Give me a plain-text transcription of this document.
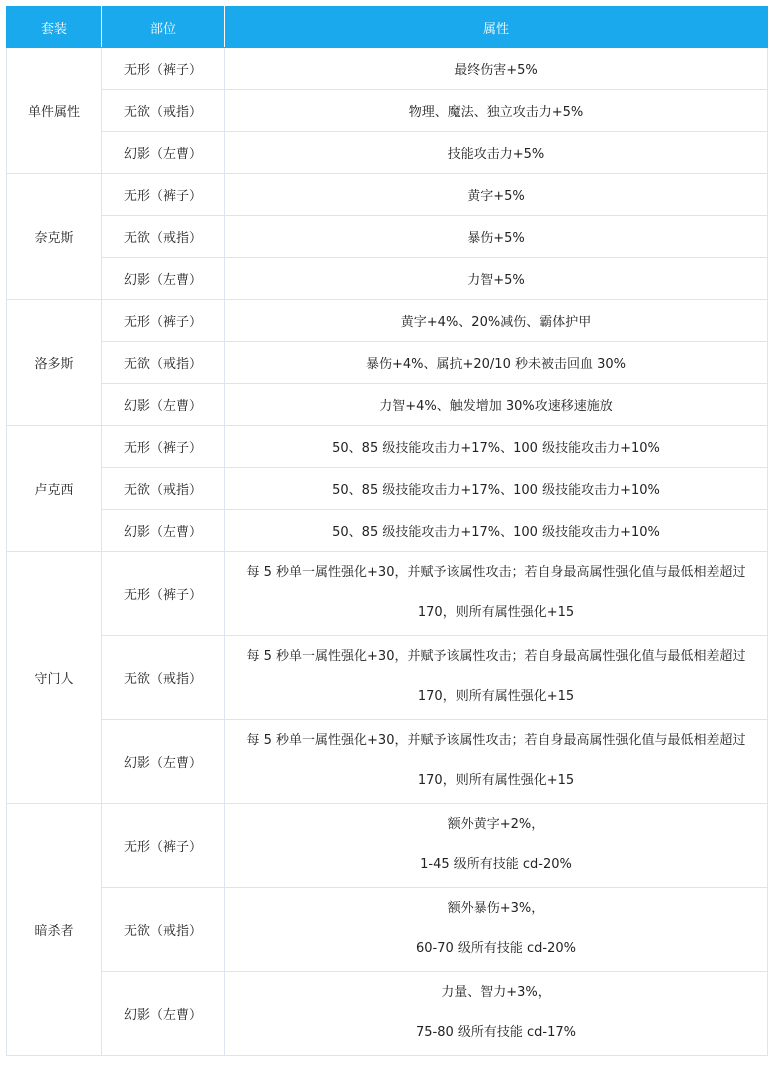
套装	部位	属性
单件属性	无形（裤子）	最终伤害+5%
	无欲（戒指）	物理、魔法、独立攻击力+5%
	幻影（左曹）	技能攻击力+5%
奈克斯	无形（裤子）	黄字+5%
	无欲（戒指）	暴伤+5%
	幻影（左曹）	力智+5%
洛多斯	无形（裤子）	黄字+4%、20%减伤、霸体护甲
	无欲（戒指）	暴伤+4%、属抗+20/10 秒未被击回血 30%
	幻影（左曹）	力智+4%、触发增加 30%攻速移速施放
卢克西	无形（裤子）	50、85 级技能攻击力+17%、100 级技能攻击力+10%
	无欲（戒指）	50、85 级技能攻击力+17%、100 级技能攻击力+10%
	幻影（左曹）	50、85 级技能攻击力+17%、100 级技能攻击力+10%
守门人	无形（裤子）	每 5 秒单一属性强化+30，并赋予该属性攻击；若自身最高属性强化值与最低相差超过
170，则所有属性强化+15

	无欲（戒指）	每 5 秒单一属性强化+30，并赋予该属性攻击；若自身最高属性强化值与最低相差超过
170，则所有属性强化+15

	幻影（左曹）	每 5 秒单一属性强化+30，并赋予该属性攻击；若自身最高属性强化值与最低相差超过
170，则所有属性强化+15

暗杀者	无形（裤子）	额外黄字+2%，
1-45 级所有技能 cd-20%

	无欲（戒指）	额外暴伤+3%，
60-70 级所有技能 cd-20%

	幻影（左曹）	力量、智力+3%，
75-80 级所有技能 cd-17%
